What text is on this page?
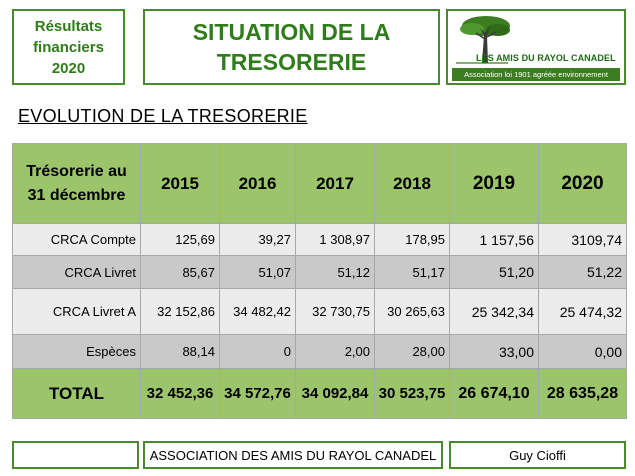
Résultats
financiers
2020
SITUATION DE LA
TRESORERIE	LES AMIS DU RAYOL CANADEL
Association loi 1901 agréée environnement
EVOLUTION DE LA TRESORERIE
Trésorerie au
31 décembre	2015	2016	2017	2018	2019	2020
CRCA Compte	125,69	39,27	1 308,97	178,95	1 157,56	3109,74
CRCA Livret	85,67	51,07	51,12	51,17	51,20	51,22
CRCA Livret A	32 152,86	34 482,42	32 730,75	30 265,63	25 342,34	25 474,32
Espèces	88,14	0	2,00	28,00	33,00	0,00
TOTAL	32 452,36	34 572,76	34 092,84	30 523,75	26 674,10	28 635,28
ASSOCIATION DES AMIS DU RAYOL CANADEL	Guy Cioffi
